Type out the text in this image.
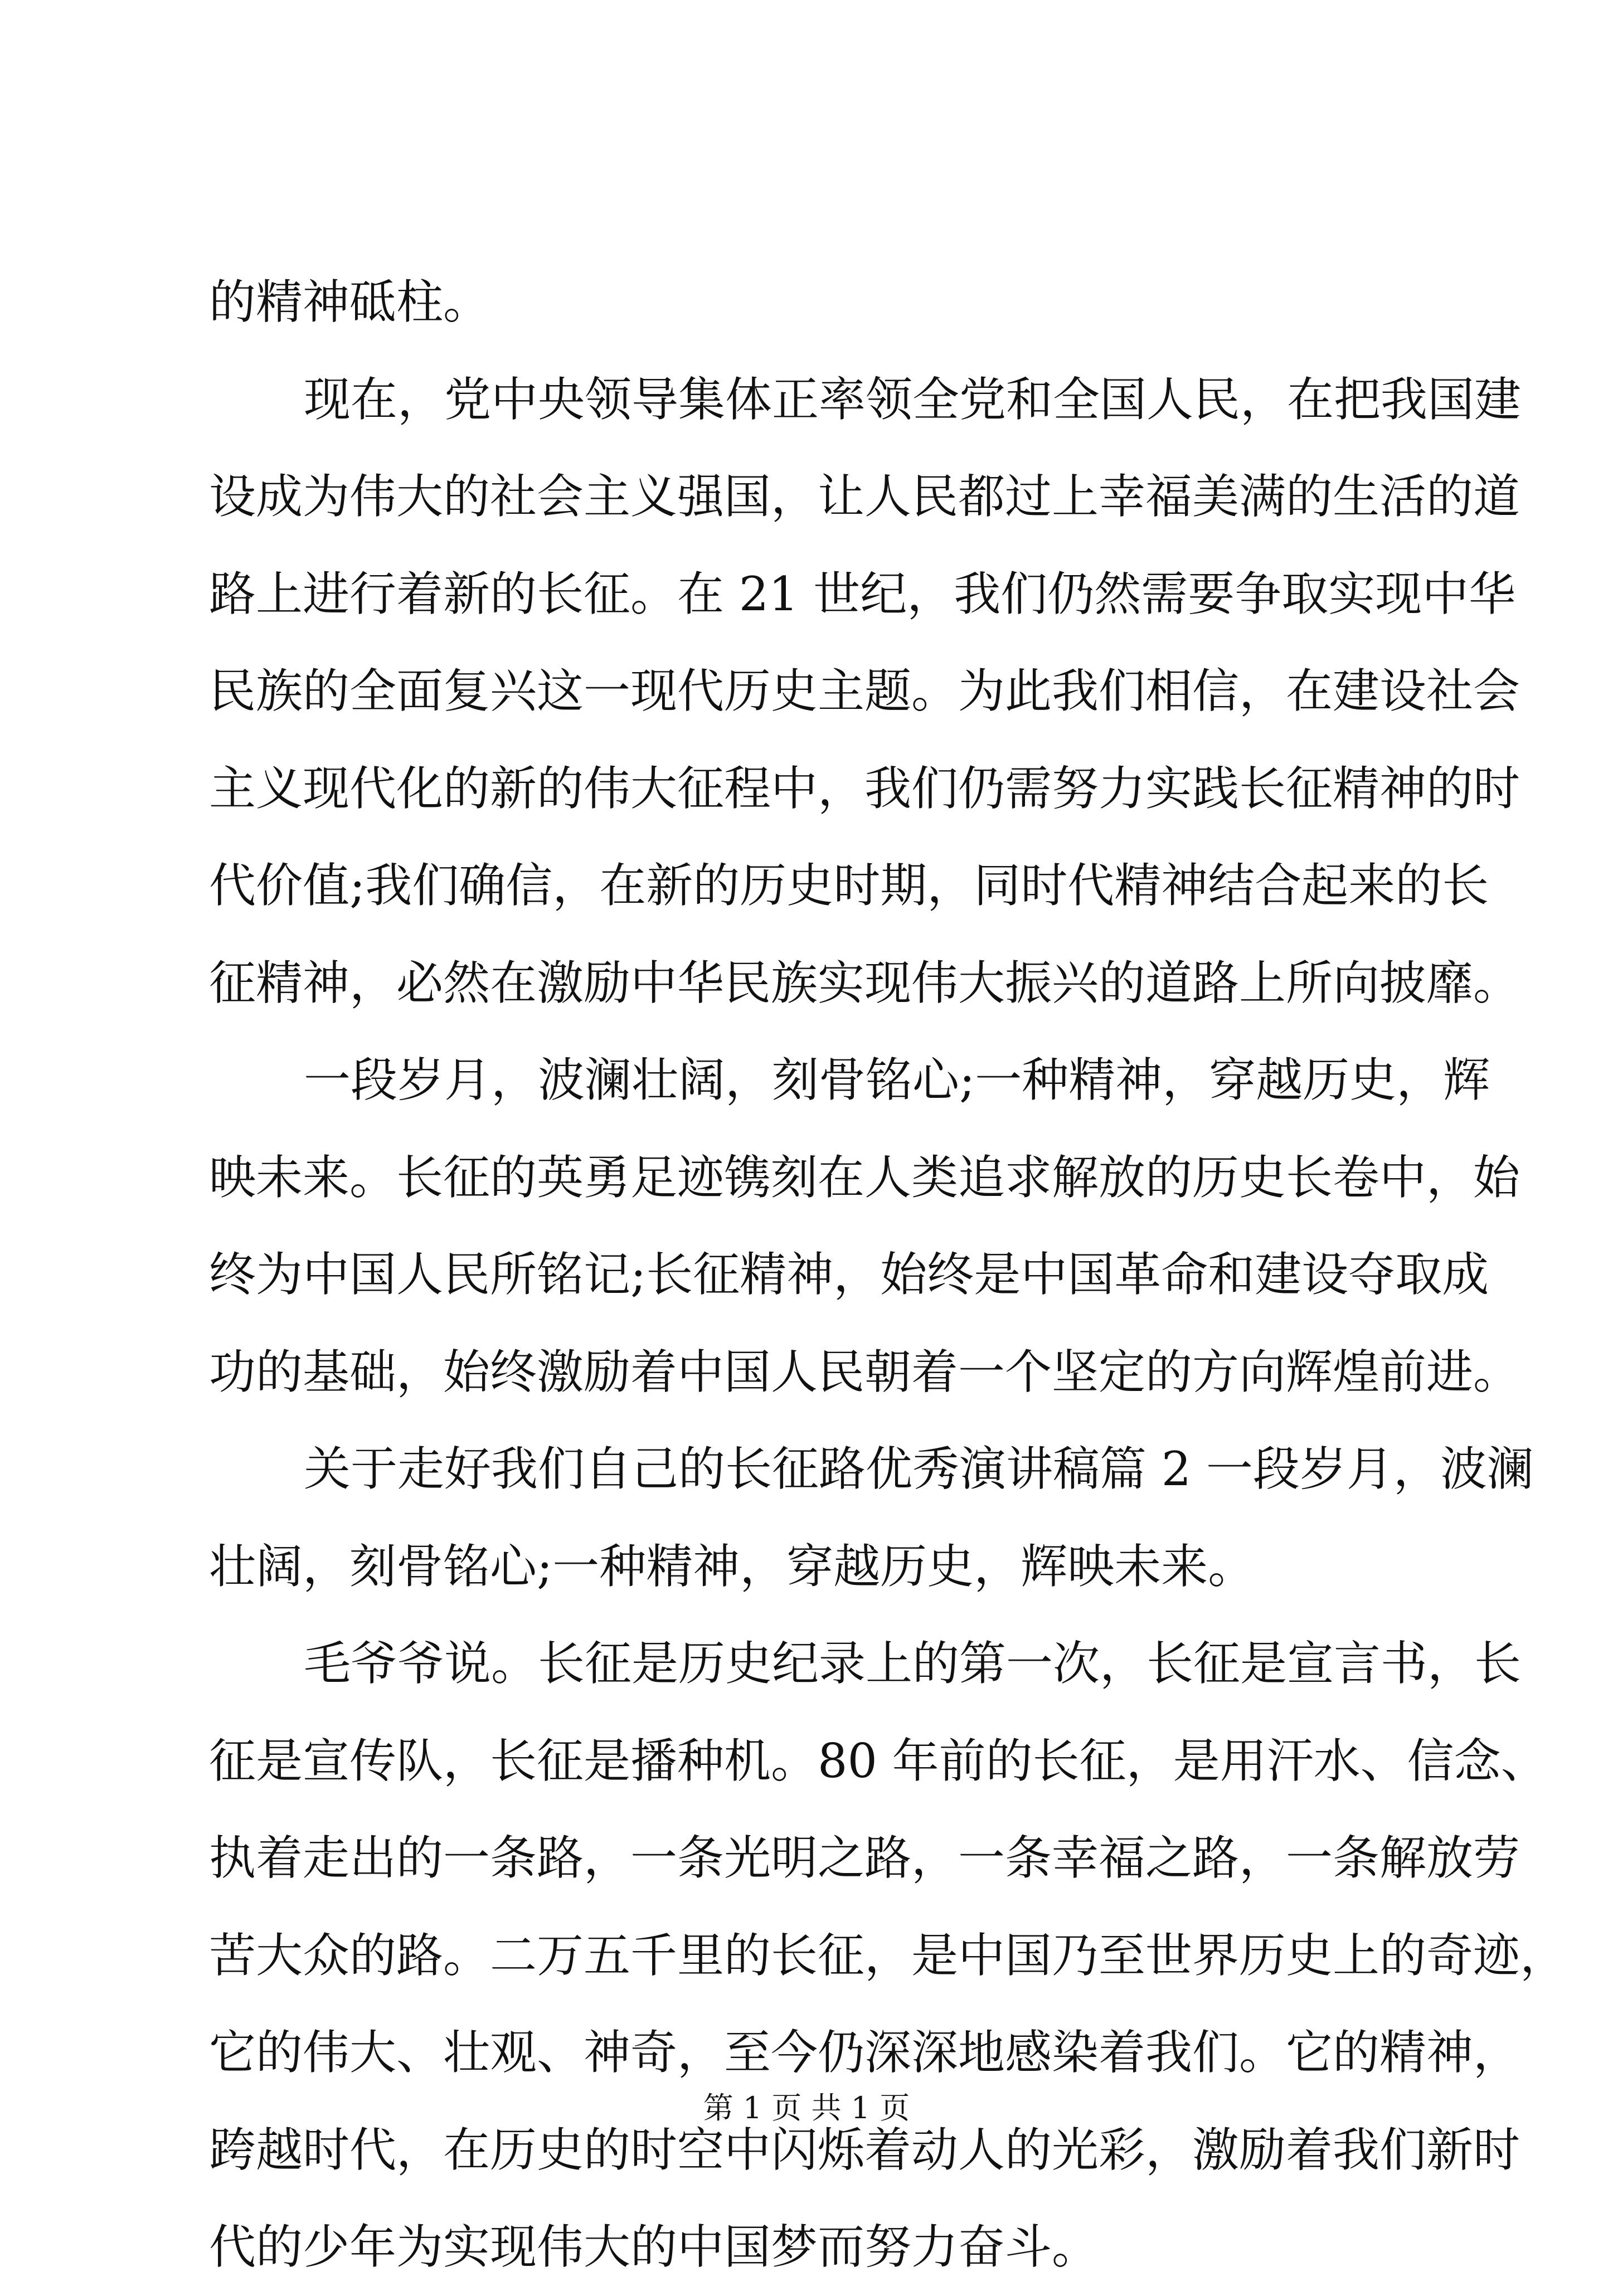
的精神砥柱。
现在，党中央领导集体正率领全党和全国人民，在把我国建
设成为伟大的社会主义强国，让人民都过上幸福美满的生活的道
路上进行着新的长征。在 21 世纪，我们仍然需要争取实现中华
民族的全面复兴这一现代历史主题。为此我们相信，在建设社会
主义现代化的新的伟大征程中，我们仍需努力实践长征精神的时
代价值;我们确信，在新的历史时期，同时代精神结合起来的长
征精神，必然在激励中华民族实现伟大振兴的道路上所向披靡。
一段岁月，波澜壮阔，刻骨铭心;一种精神，穿越历史，辉
映未来。长征的英勇足迹镌刻在人类追求解放的历史长卷中，始
终为中国人民所铭记;长征精神，始终是中国革命和建设夺取成
功的基础，始终激励着中国人民朝着一个坚定的方向辉煌前进。
关于走好我们自己的长征路优秀演讲稿篇 2 一段岁月，波澜
壮阔，刻骨铭心;一种精神，穿越历史，辉映未来。
毛爷爷说。长征是历史纪录上的第一次，长征是宣言书，长
征是宣传队，长征是播种机。80 年前的长征，是用汗水、信念、
执着走出的一条路，一条光明之路，一条幸福之路，一条解放劳
苦大众的路。二万五千里的长征，是中国乃至世界历史上的奇迹，
它的伟大、壮观、神奇，至今仍深深地感染着我们。它的精神，
跨越时代，在历史的时空中闪烁着动人的光彩，激励着我们新时
代的少年为实现伟大的中国梦而努力奋斗。
第 1 页 共 1 页
